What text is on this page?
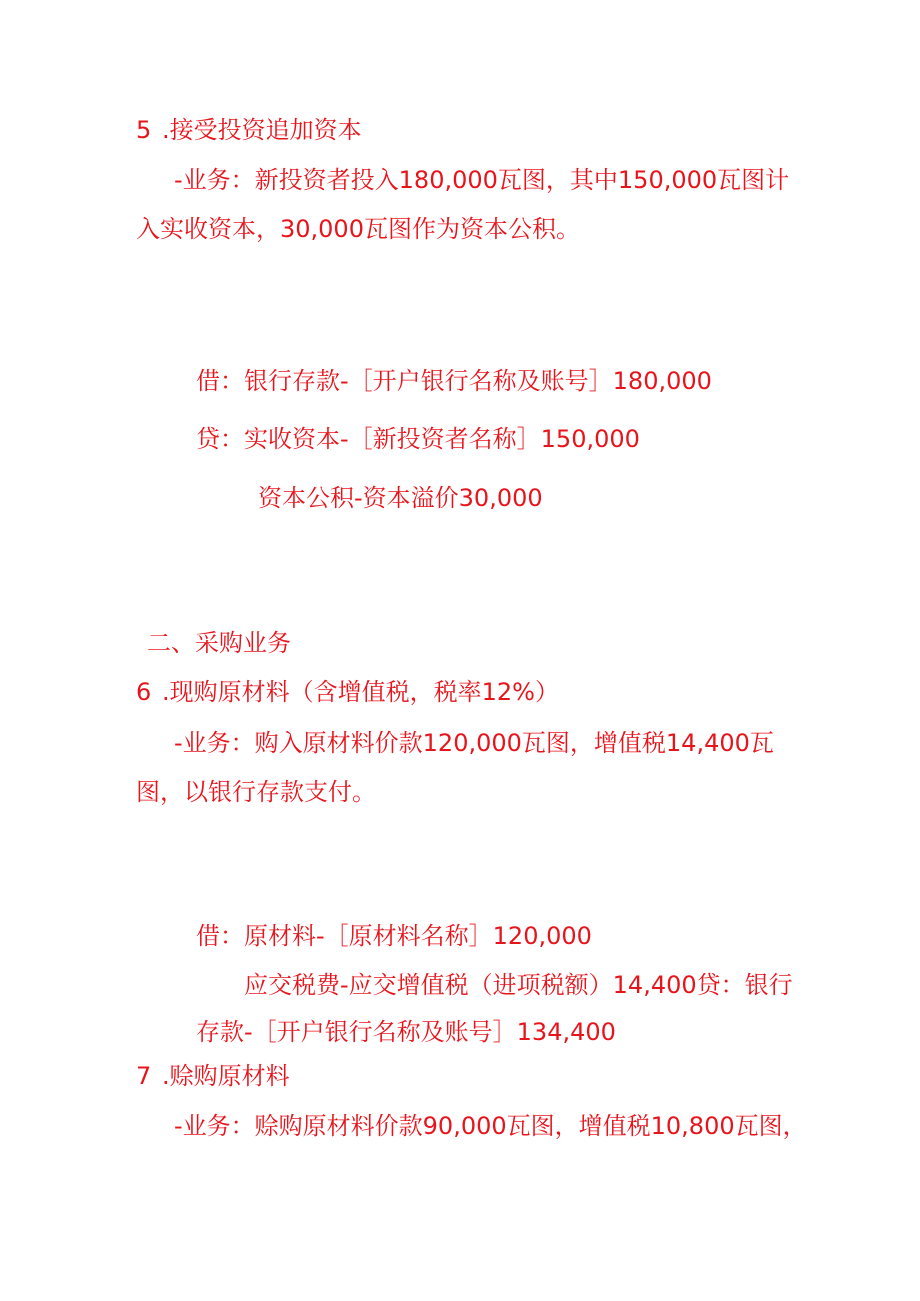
5 .接受投资追加资本
-业务：新投资者投入180,000瓦图，其中150,000瓦图计
入实收资本，30,000瓦图作为资本公积。
借：银行存款-［开户银行名称及账号］180,000
贷：实收资本-［新投资者名称］150,000
资本公积-资本溢价30,000
二、采购业务
6 .现购原材料（含增值税，税率12%）
-业务：购入原材料价款120,000瓦图，增值税14,400瓦
图，以银行存款支付。
借：原材料-［原材料名称］120,000
应交税费-应交增值税（进项税额）14,400贷：银行
存款-［开户银行名称及账号］134,400
7 .赊购原材料
-业务：赊购原材料价款90,000瓦图，增值税10,800瓦图，
